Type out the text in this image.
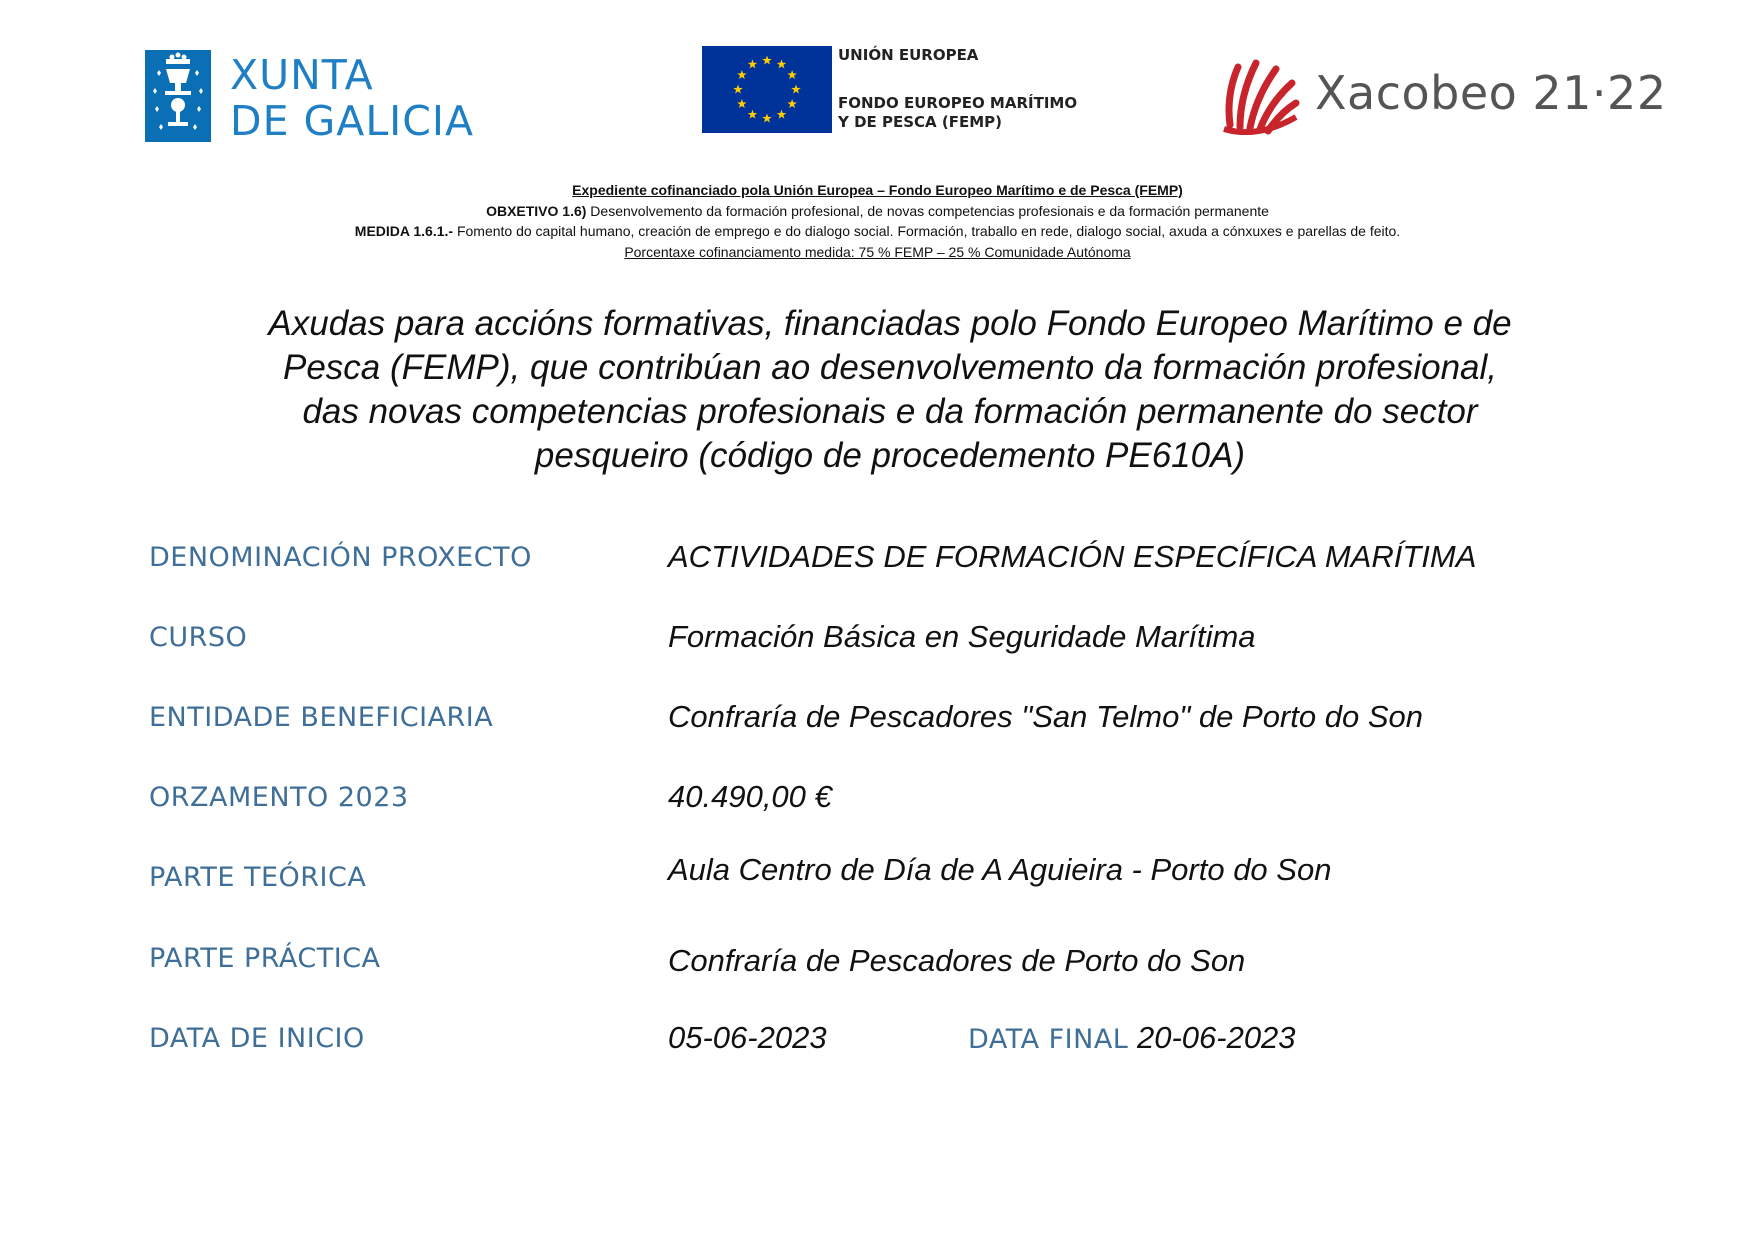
XUNTA
DE GALICIA
UNIÓN EUROPEA
FONDO EUROPEO MARÍTIMO
Y DE PESCA (FEMP)
Xacobeo 21·22
Expediente cofinanciado pola Unión Europea – Fondo Europeo Marítimo e de Pesca (FEMP)
OBXETIVO 1.6) Desenvolvemento da formación profesional, de novas competencias profesionais e da formación permanente
MEDIDA 1.6.1.- Fomento do capital humano, creación de emprego e do dialogo social. Formación, traballo en rede, dialogo social, axuda a cónxuxes e parellas de feito.
Porcentaxe cofinanciamento medida: 75 % FEMP – 25 % Comunidade Autónoma
Axudas para accións formativas, financiadas polo Fondo Europeo Marítimo e de
Pesca (FEMP), que contribúan ao desenvolvemento da formación profesional,
das novas competencias profesionais e da formación permanente do sector
pesqueiro (código de procedemento PE610A)
DENOMINACIÓN PROXECTO	ACTIVIDADES DE FORMACIÓN ESPECÍFICA MARÍTIMA
CURSO	Formación Básica en Seguridade Marítima
ENTIDADE BENEFICIARIA	Confraría de Pescadores "San Telmo" de Porto do Son
ORZAMENTO 2023	40.490,00 €
PARTE TEÓRICA	Aula Centro de Día de A Aguieira - Porto do Son
PARTE PRÁCTICA	Confraría de Pescadores de Porto do Son
DATA DE INICIO	05-06-2023	DATA FINAL 20-06-2023
